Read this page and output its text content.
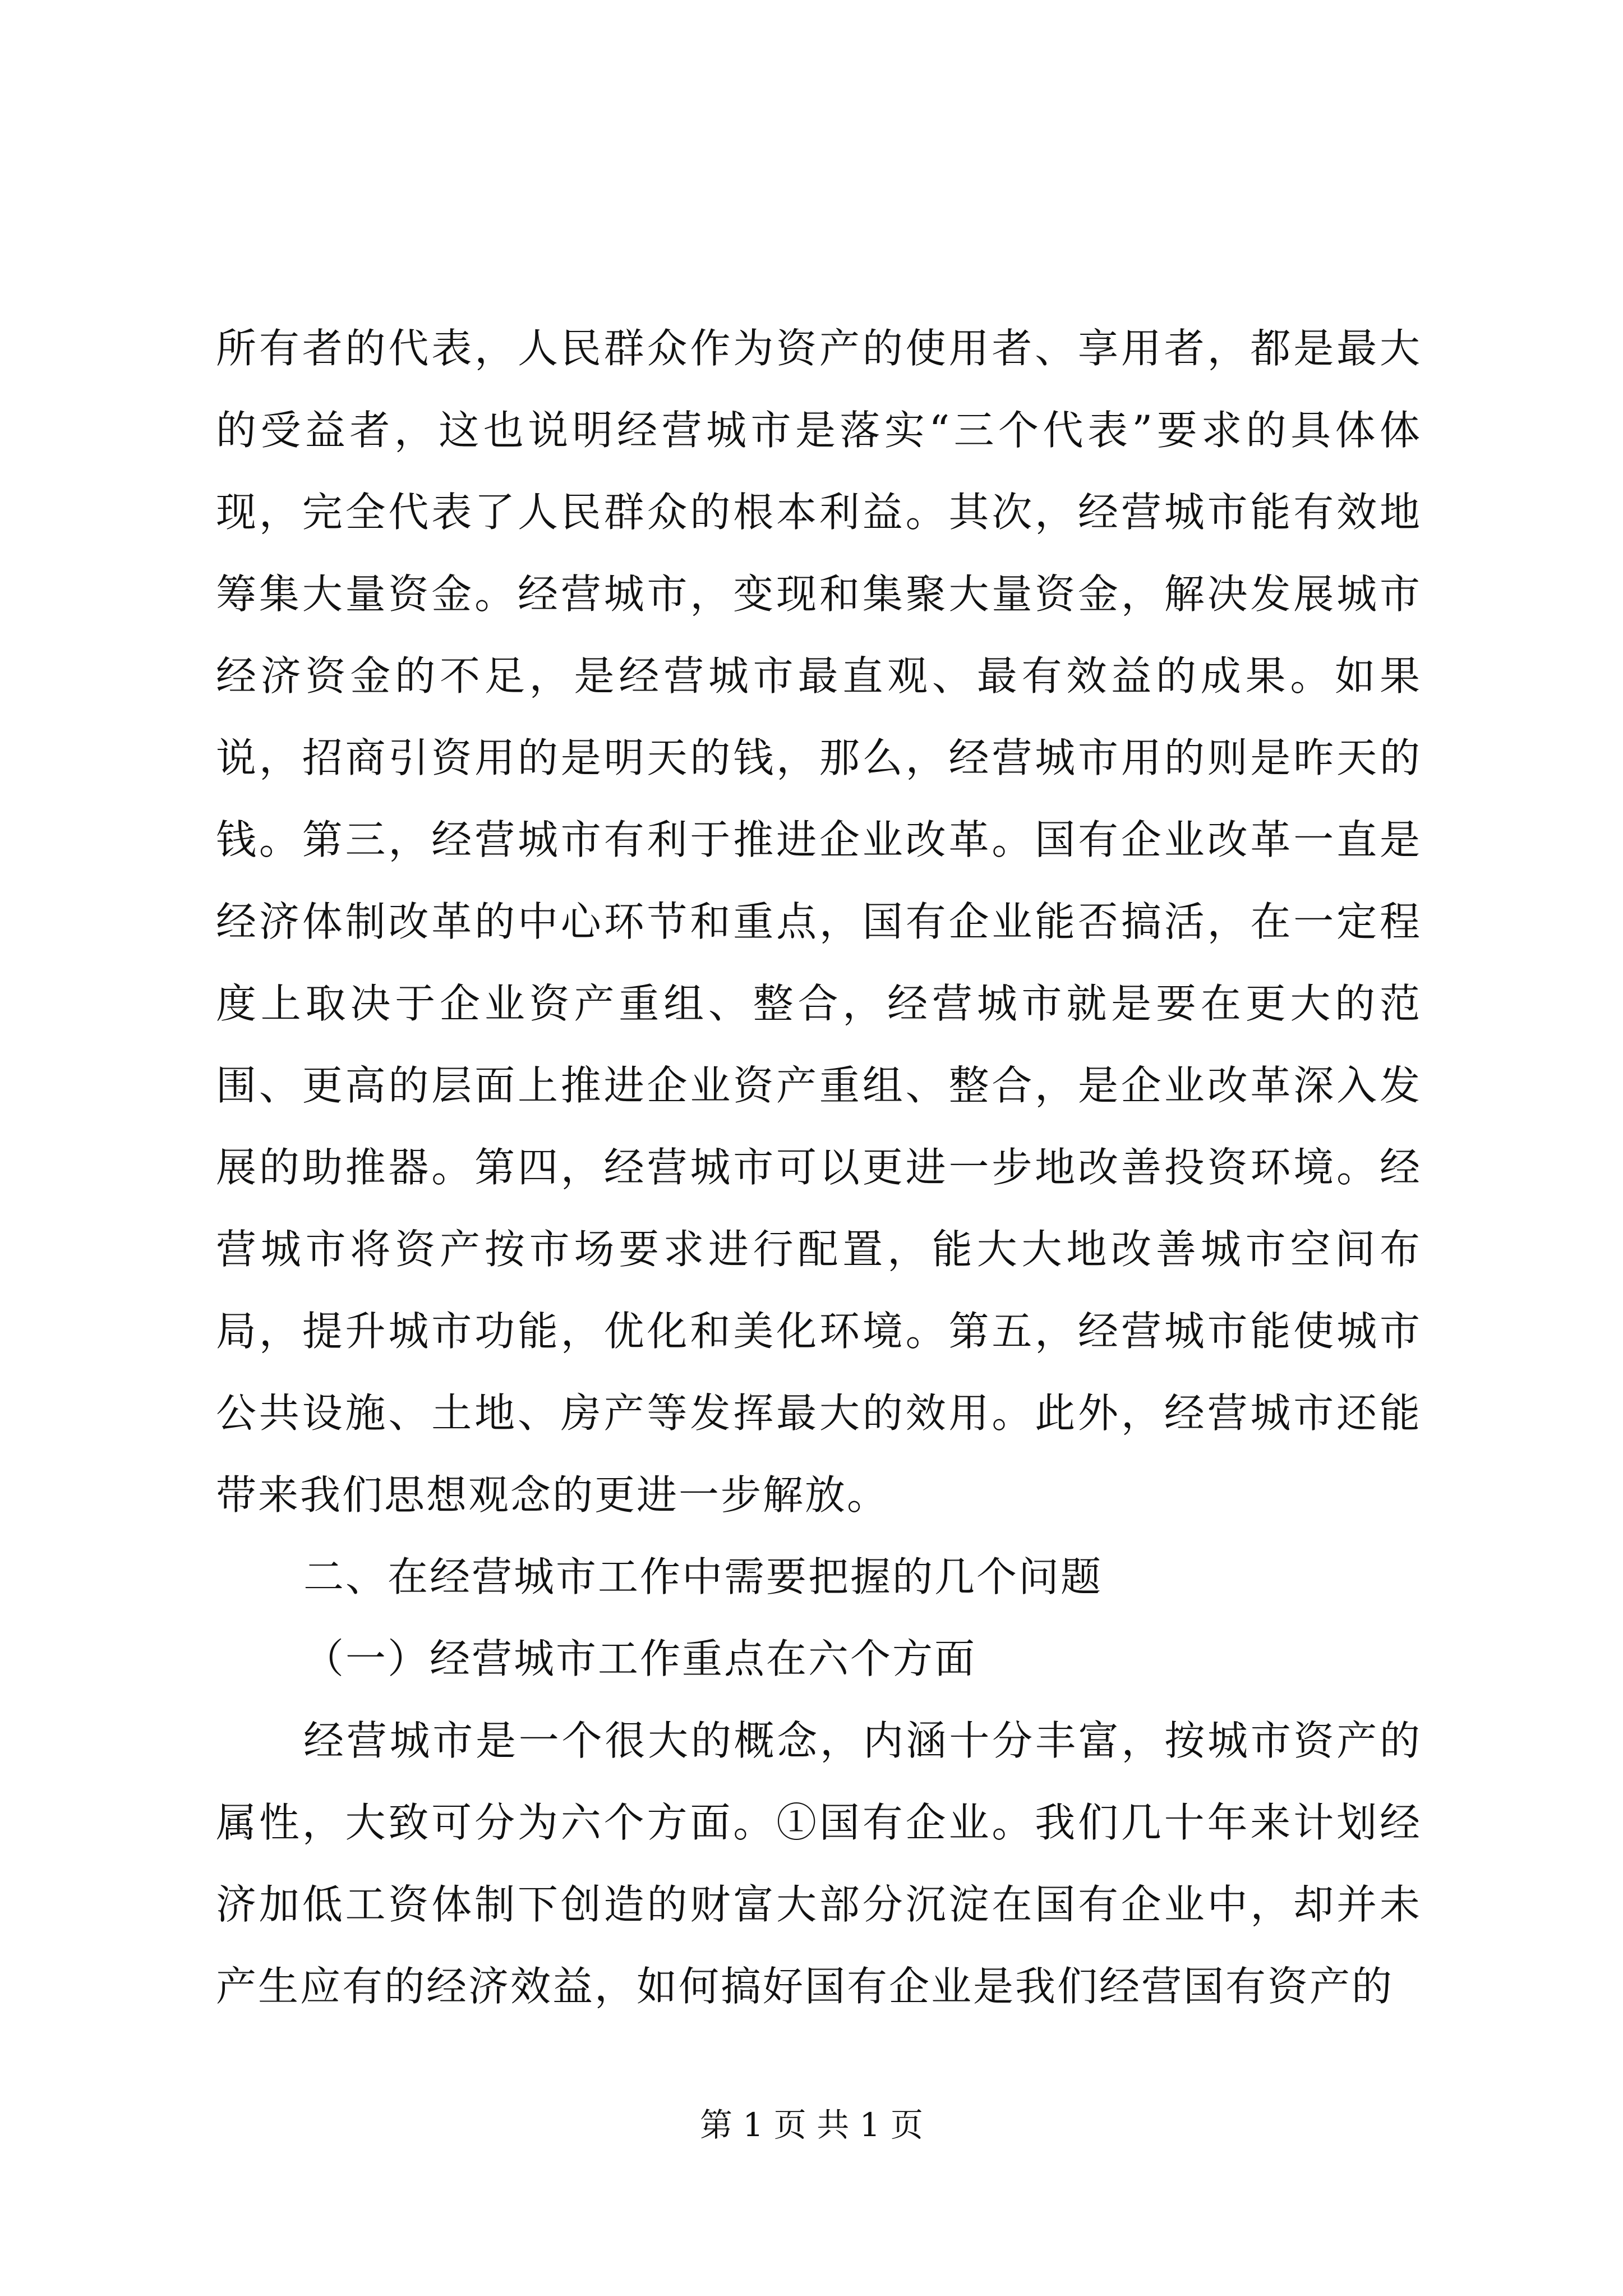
所有者的代表，人民群众作为资产的使用者、享用者，都是最大的受益者，这也说明经营城市是落实“三个代表”要求的具体体现，完全代表了人民群众的根本利益。其次，经营城市能有效地筹集大量资金。经营城市，变现和集聚大量资金，解决发展城市经济资金的不足，是经营城市最直观、最有效益的成果。如果说，招商引资用的是明天的钱，那么，经营城市用的则是昨天的钱。第三，经营城市有利于推进企业改革。国有企业改革一直是经济体制改革的中心环节和重点，国有企业能否搞活，在一定程度上取决于企业资产重组、整合，经营城市就是要在更大的范围、更高的层面上推进企业资产重组、整合，是企业改革深入发展的助推器。第四，经营城市可以更进一步地改善投资环境。经营城市将资产按市场要求进行配置，能大大地改善城市空间布局，提升城市功能，优化和美化环境。第五，经营城市能使城市公共设施、土地、房产等发挥最大的效用。此外，经营城市还能带来我们思想观念的更进一步解放。

二、在经营城市工作中需要把握的几个问题

（一）经营城市工作重点在六个方面

经营城市是一个很大的概念，内涵十分丰富，按城市资产的属性，大致可分为六个方面。①国有企业。我们几十年来计划经济加低工资体制下创造的财富大部分沉淀在国有企业中，却并未产生应有的经济效益，如何搞好国有企业是我们经营国有资产的

第 1 页 共 1 页
